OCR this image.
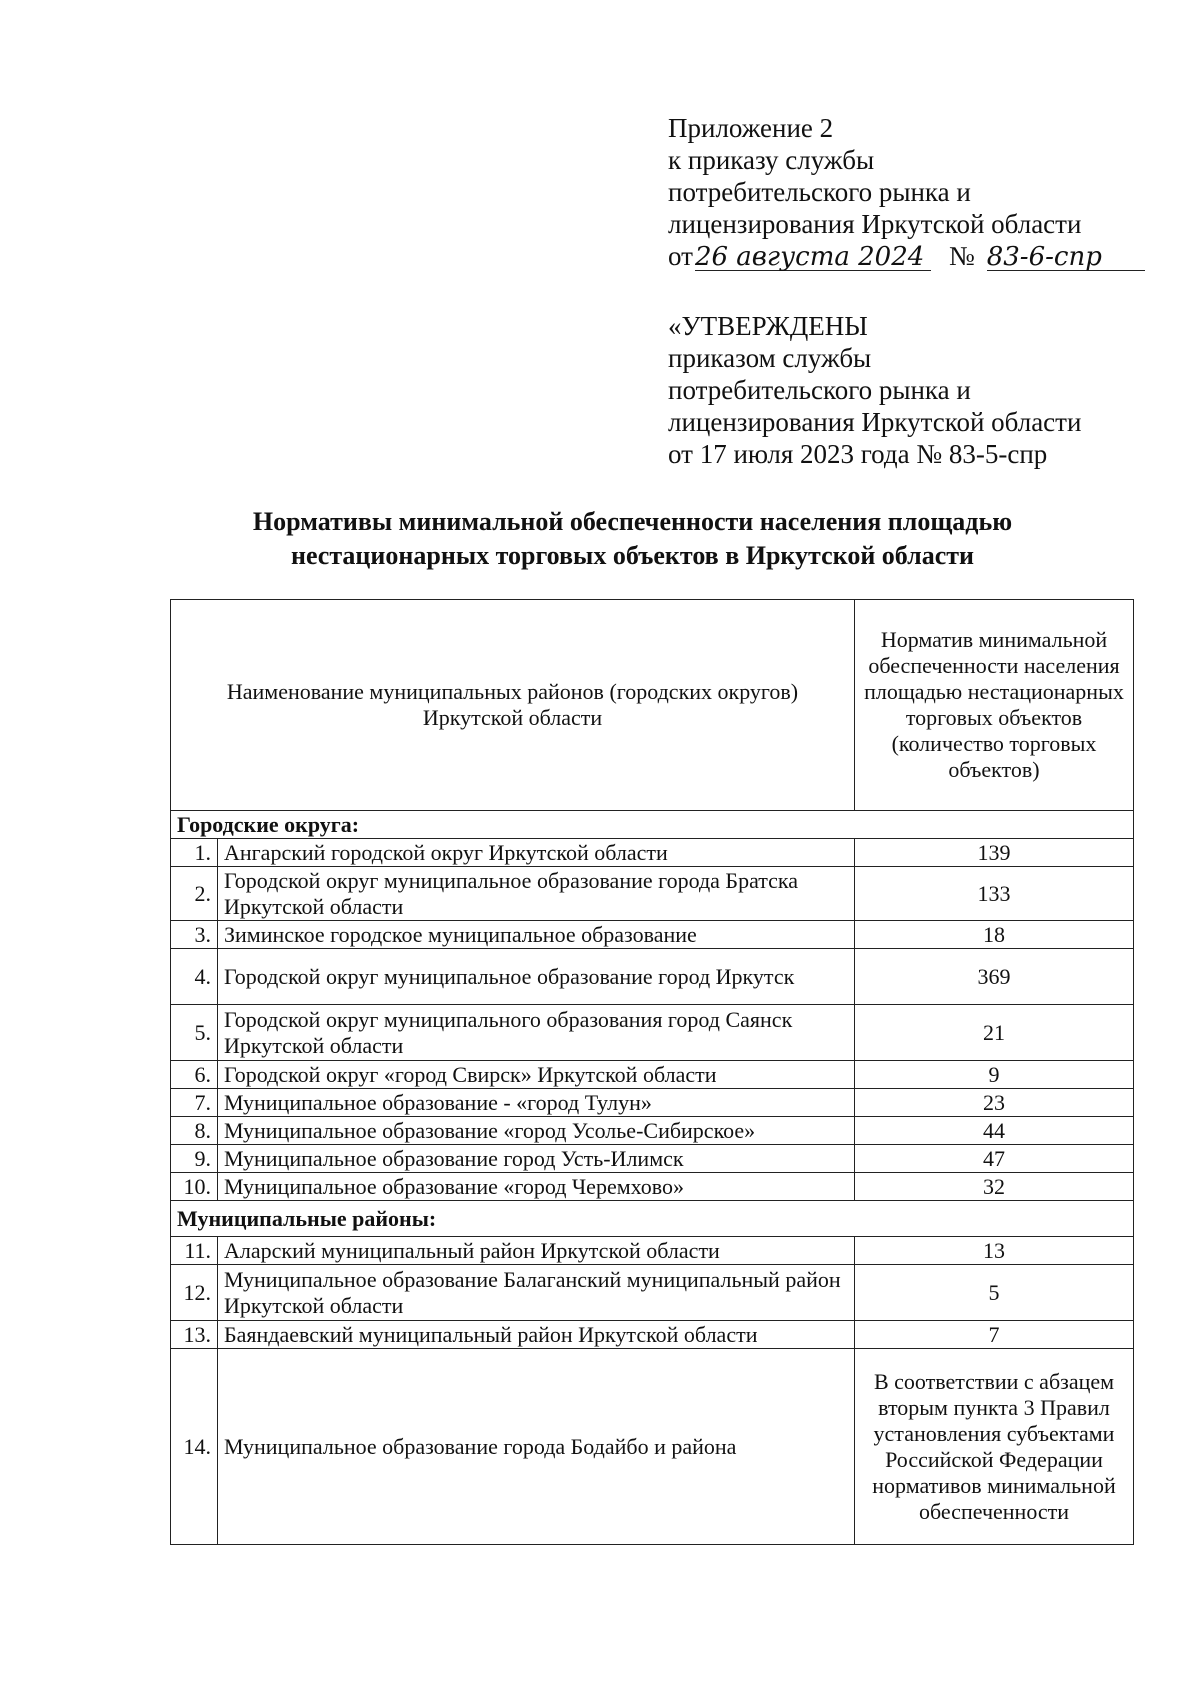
Приложение 2
к приказу службы
потребительского рынка и
лицензирования Иркутской области
от26 августа 2024 № 83-6-спр
«УТВЕРЖДЕНЫ
приказом службы
потребительского рынка и
лицензирования Иркутской области
от 17 июля 2023 года № 83-5-спр
Нормативы минимальной обеспеченности населения площадью
нестационарных торговых объектов в Иркутской области
Наименование муниципальных районов (городских округов) Иркутской области		Норматив минимальной обеспеченности населения площадью нестационарных торговых объектов (количество торговых объектов)
Городские округа:		
1.	Ангарский городской округ Иркутской области	139
2.	Городской округ муниципальное образование города Братска Иркутской области	133
3.	Зиминское городское муниципальное образование	18
4.	Городской округ муниципальное образование город Иркутск	369
5.	Городской округ муниципального образования город Саянск Иркутской области	21
6.	Городской округ «город Свирск» Иркутской области	9
7.	Муниципальное образование - «город Тулун»	23
8.	Муниципальное образование «город Усолье-Сибирское»	44
9.	Муниципальное образование город Усть-Илимск	47
10.	Муниципальное образование «город Черемхово»	32
Муниципальные районы:		
11.	Аларский муниципальный район Иркутской области	13
12.	Муниципальное образование Балаганский муниципальный район Иркутской области	5
13.	Баяндаевский муниципальный район Иркутской области	7
14.	Муниципальное образование города Бодайбо и района	В соответствии с абзацем вторым пункта 3 Правил установления субъектами Российской Федерации нормативов минимальной обеспеченности
